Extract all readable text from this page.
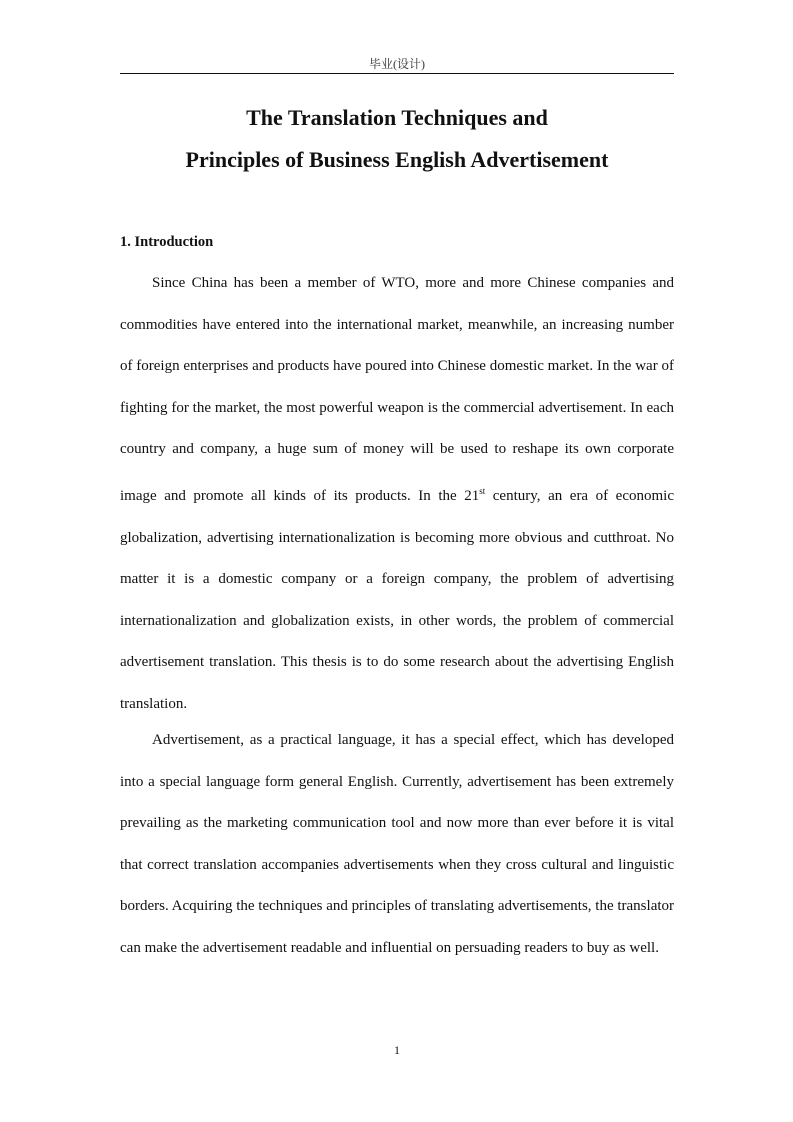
毕业(设计)
The Translation Techniques and
Principles of Business English Advertisement
1. Introduction

Since China has been a member of WTO, more and more Chinese companies and commodities have entered into the international market, meanwhile, an increasing number of foreign enterprises and products have poured into Chinese domestic market. In the war of fighting for the market, the most powerful weapon is the commercial advertisement. In each country and company, a huge sum of money will be used to reshape its own corporate image and promote all kinds of its products. In the 21st century, an era of economic globalization, advertising internationalization is becoming more obvious and cutthroat. No matter it is a domestic company or a foreign company, the problem of advertising internationalization and globalization exists, in other words, the problem of commercial advertisement translation. This thesis is to do some research about the advertising English translation.

Advertisement, as a practical language, it has a special effect, which has developed into a special language form general English. Currently, advertisement has been extremely prevailing as the marketing communication tool and now more than ever before it is vital that correct translation accompanies advertisements when they cross cultural and linguistic borders. Acquiring the techniques and principles of translating advertisements, the translator can make the advertisement readable and influential on persuading readers to buy as well.

1
